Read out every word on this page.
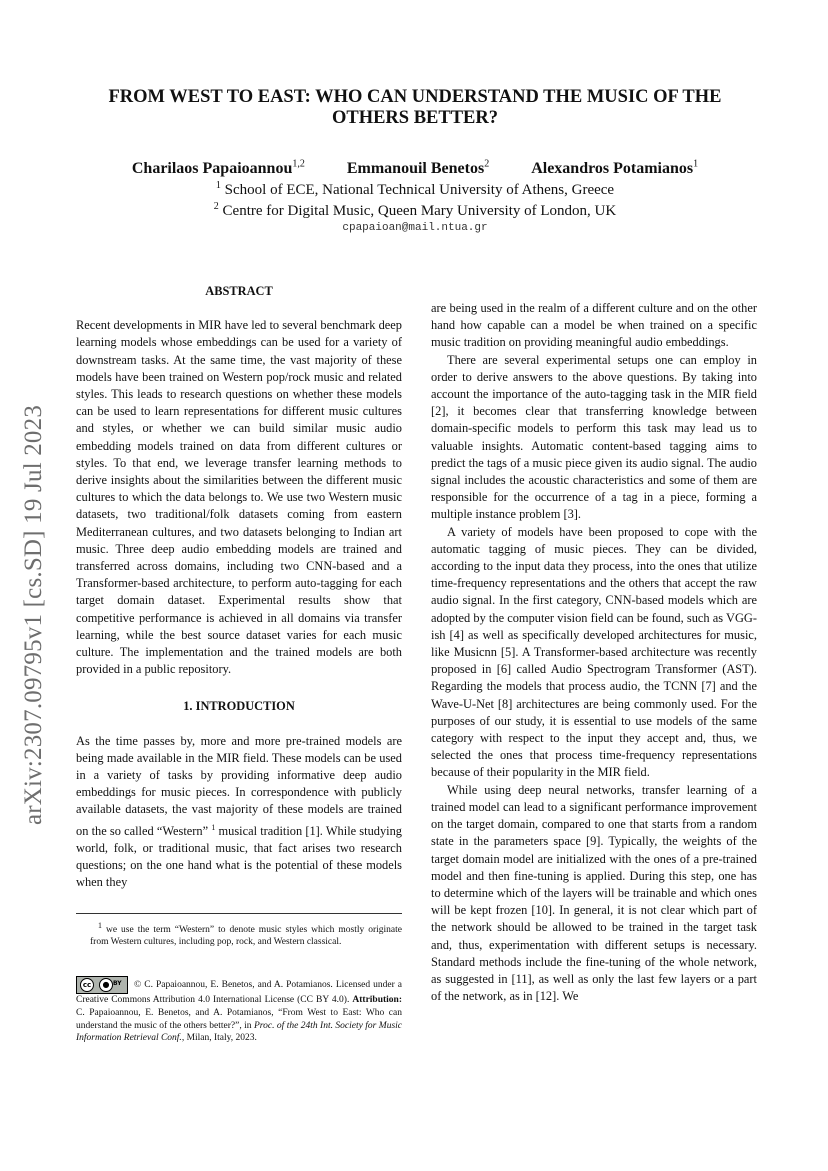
arXiv:2307.09795v1 [cs.SD] 19 Jul 2023
FROM WEST TO EAST: WHO CAN UNDERSTAND THE MUSIC OF THE
OTHERS BETTER?
Charilaos Papaioannou$^{1,2}$	Emmanouil Benetos$^2$	Alexandros Potamianos$^1$
$^1$ School of ECE, National Technical University of Athens, Greece
$^2$ Centre for Digital Music, Queen Mary University of London, UK
cpapaioan@mail.ntua.gr
ABSTRACT

Recent developments in MIR have led to several benchmark deep learning models whose embeddings can be used for a variety of downstream tasks. At the same time, the vast majority of these models have been trained on Western pop/rock music and related styles. This leads to research questions on whether these models can be used to learn representations for different music cultures and styles, or whether we can build similar music audio embedding models trained on data from different cultures or styles. To that end, we leverage transfer learning methods to derive insights about the similarities between the different music cultures to which the data belongs to. We use two Western music datasets, two traditional/folk datasets coming from eastern Mediterranean cultures, and two datasets belonging to Indian art music. Three deep audio embedding models are trained and transferred across domains, including two CNN-based and a Transformer-based architecture, to perform auto-tagging for each target domain dataset. Experimental results show that competitive performance is achieved in all domains via transfer learning, while the best source dataset varies for each music culture. The implementation and the trained models are both provided in a public repository.

1. INTRODUCTION

As the time passes by, more and more pre-trained models are being made available in the MIR field. These models can be used in a variety of tasks by providing informative deep audio embeddings for music pieces. In correspondence with publicly available datasets, the vast majority of these models are trained on the so called “Western” $^1$ musical tradition [1]. While studying world, folk, or traditional music, that fact arises two research questions; on the one hand what is the potential of these models when they

$^1$ we use the term “Western” to denote music styles which mostly originate from Western cultures, including pop, rock, and Western classical.

cc	● BY © C. Papaioannou, E. Benetos, and A. Potamianos. Licensed under a Creative Commons Attribution 4.0 International License (CC BY 4.0). Attribution: C. Papaioannou, E. Benetos, and A. Potamianos, “From West to East: Who can understand the music of the others better?”, in Proc. of the 24th Int. Society for Music Information Retrieval Conf., Milan, Italy, 2023.

are being used in the realm of a different culture and on the other hand how capable can a model be when trained on a specific music tradition on providing meaningful audio embeddings.

There are several experimental setups one can employ in order to derive answers to the above questions. By taking into account the importance of the auto-tagging task in the MIR field [2], it becomes clear that transferring knowledge between domain-specific models to perform this task may lead us to valuable insights. Automatic content-based tagging aims to predict the tags of a music piece given its audio signal. The audio signal includes the acoustic characteristics and some of them are responsible for the occurrence of a tag in a piece, forming a multiple instance problem [3].

A variety of models have been proposed to cope with the automatic tagging of music pieces. They can be divided, according to the input data they process, into the ones that utilize time-frequency representations and the others that accept the raw audio signal. In the first category, CNN-based models which are adopted by the computer vision field can be found, such as VGG-ish [4] as well as specifically developed architectures for music, like Musicnn [5]. A Transformer-based architecture was recently proposed in [6] called Audio Spectrogram Transformer (AST). Regarding the models that process audio, the TCNN [7] and the Wave-U-Net [8] architectures are being commonly used. For the purposes of our study, it is essential to use models of the same category with respect to the input they accept and, thus, we selected the ones that process time-frequency representations because of their popularity in the MIR field.

While using deep neural networks, transfer learning of a trained model can lead to a significant performance improvement on the target domain, compared to one that starts from a random state in the parameters space [9]. Typically, the weights of the target domain model are initialized with the ones of a pre-trained model and then fine-tuning is applied. During this step, one has to determine which of the layers will be trainable and which ones will be kept frozen [10]. In general, it is not clear which part of the network should be allowed to be trained in the target task and, thus, experimentation with different setups is necessary. Standard methods include the fine-tuning of the whole network, as suggested in [11], as well as only the last few layers or a part of the network, as in [12]. We
